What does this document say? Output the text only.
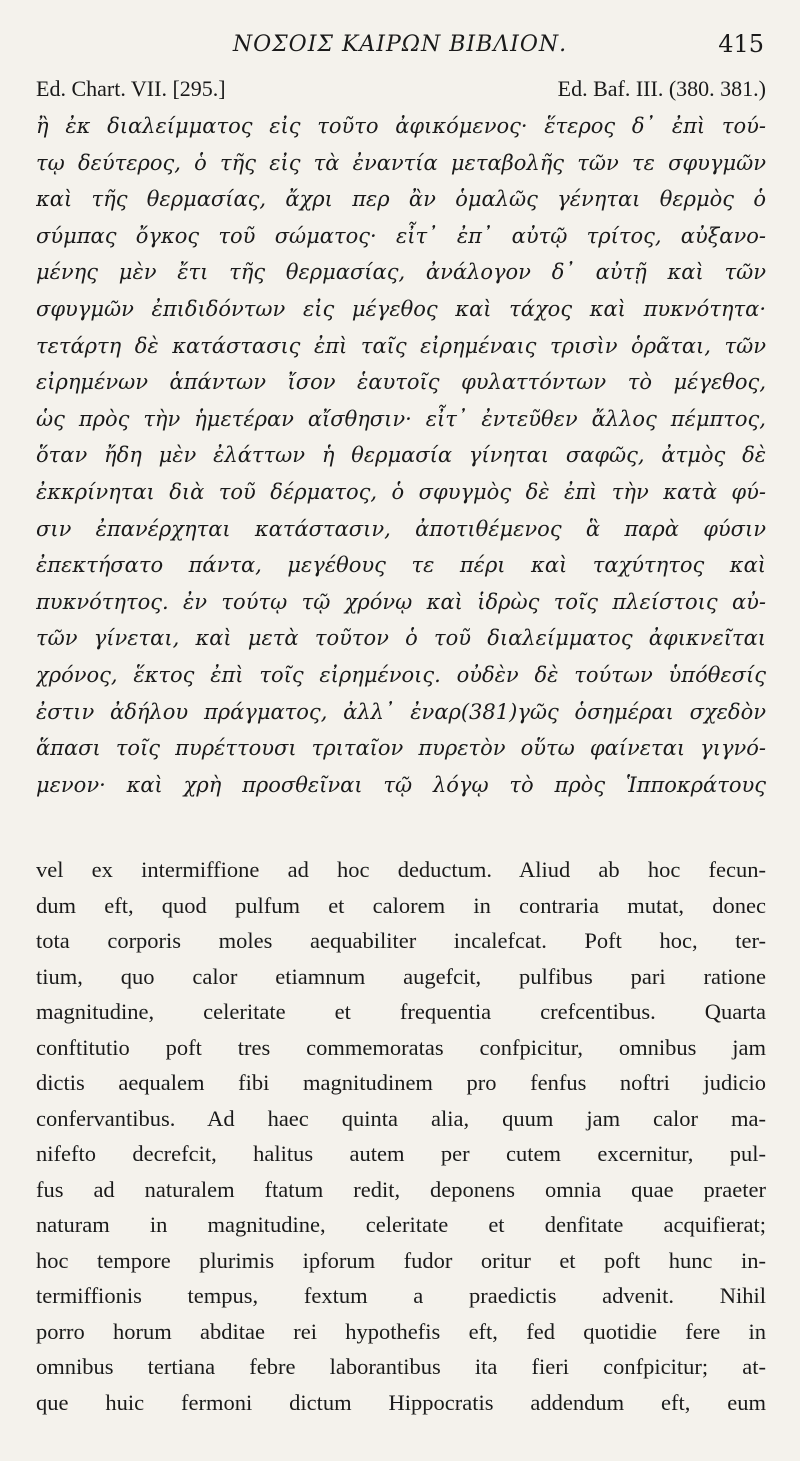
ΝΟΣΟΙΣ ΚΑΙΡΩΝ ΒΙΒΛΙΟΝ.	415
Ed. Chart. VII. [295.]	Ed. Baf. III. (380. 381.)
ἢ ἐκ διαλείμματος εἰς τοῦτο ἀφικόμενος· ἕτερος δ᾽ ἐπὶ τού-
τῳ δεύτερος, ὁ τῆς εἰς τὰ ἐναντία μεταβολῆς τῶν τε σφυγμῶν
καὶ τῆς θερμασίας, ἄχρι περ ἂν ὁμαλῶς γένηται θερμὸς ὁ
σύμπας ὄγκος τοῦ σώματος· εἶτ᾽ ἐπ᾽ αὐτῷ τρίτος, αὐξανο-
μένης μὲν ἔτι τῆς θερμασίας, ἀνάλογον δ᾽ αὐτῇ καὶ τῶν
σφυγμῶν ἐπιδιδόντων εἰς μέγεθος καὶ τάχος καὶ πυκνότητα·
τετάρτη δὲ κατάστασις ἐπὶ ταῖς εἰρημέναις τρισὶν ὁρᾶται, τῶν
εἰρημένων ἁπάντων ἴσον ἑαυτοῖς φυλαττόντων τὸ μέγεθος,
ὡς πρὸς τὴν ἡμετέραν αἴσθησιν· εἶτ᾽ ἐντεῦθεν ἄλλος πέμπτος,
ὅταν ἤδη μὲν ἐλάττων ἡ θερμασία γίνηται σαφῶς, ἀτμὸς δὲ
ἐκκρίνηται διὰ τοῦ δέρματος, ὁ σφυγμὸς δὲ ἐπὶ τὴν κατὰ φύ-
σιν ἐπανέρχηται κατάστασιν, ἀποτιθέμενος ἃ παρὰ φύσιν
ἐπεκτήσατο πάντα, μεγέθους τε πέρι καὶ ταχύτητος καὶ
πυκνότητος. ἐν τούτῳ τῷ χρόνῳ καὶ ἱδρὼς τοῖς πλείστοις αὐ-
τῶν γίνεται, καὶ μετὰ τοῦτον ὁ τοῦ διαλείμματος ἀφικνεῖται
χρόνος, ἕκτος ἐπὶ τοῖς εἰρημένοις. οὐδὲν δὲ τούτων ὑπόθεσίς
ἐστιν ἀδήλου πράγματος, ἀλλ᾽ ἐναρ(381)γῶς ὁσημέραι σχεδὸν
ἅπασι τοῖς πυρέττουσι τριταῖον πυρετὸν οὕτω φαίνεται γιγνό-
μενον· καὶ χρὴ προσθεῖναι τῷ λόγῳ τὸ πρὸς Ἱπποκράτους
vel ex intermiffione ad hoc deductum. Aliud ab hoc fecun-
dum eft, quod pulfum et calorem in contraria mutat, donec
tota corporis moles aequabiliter incalefcat. Poft hoc, ter-
tium, quo calor etiamnum augefcit, pulfibus pari ratione
magnitudine, celeritate et frequentia crefcentibus. Quarta
conftitutio poft tres commemoratas confpicitur, omnibus jam
dictis aequalem fibi magnitudinem pro fenfus noftri judicio
confervantibus. Ad haec quinta alia, quum jam calor ma-
nifefto decrefcit, halitus autem per cutem excernitur, pul-
fus ad naturalem ftatum redit, deponens omnia quae praeter
naturam in magnitudine, celeritate et denfitate acquifierat;
hoc tempore plurimis ipforum fudor oritur et poft hunc in-
termiffionis tempus, fextum a praedictis advenit. Nihil
porro horum abditae rei hypothefis eft, fed quotidie fere in
omnibus tertiana febre laborantibus ita fieri confpicitur; at-
que huic fermoni dictum Hippocratis addendum eft, eum
